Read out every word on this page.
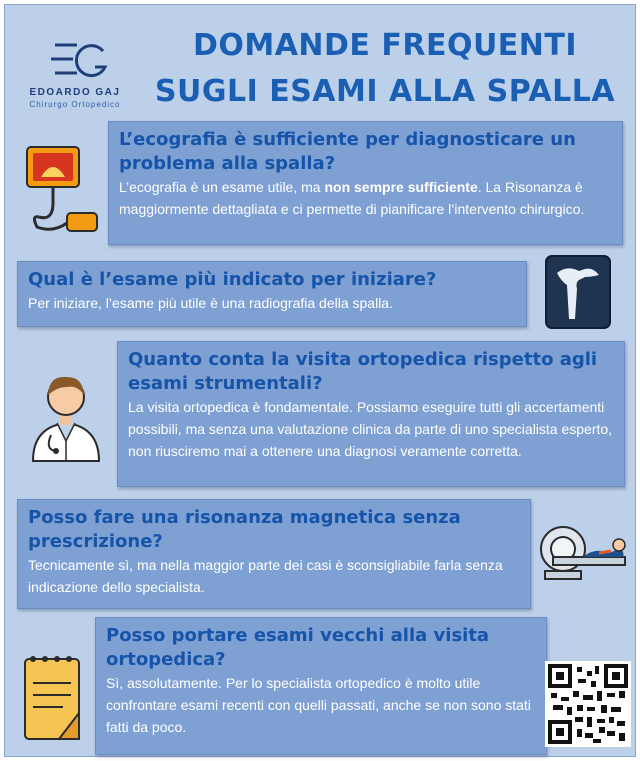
EDOARDO GAJ
Chirurgo Ortopedico
DOMANDE FREQUENTI
SUGLI ESAMI ALLA SPALLA
L’ecografia è sufficiente per diagnosticare un problema alla spalla?
L’ecografia è un esame utile, ma non sempre sufficiente. La Risonanza è maggiormente dettagliata e ci permette di pianificare l’intervento chirurgico.
Qual è l’esame più indicato per iniziare?
Per iniziare, l’esame più utile è una radiografia della spalla.
Quanto conta la visita ortopedica rispetto agli esami strumentali?
La visita ortopedica è fondamentale. Possiamo eseguire tutti gli accertamenti possibili, ma senza una valutazione clinica da parte di uno specialista esperto, non riusciremo mai a ottenere una diagnosi veramente corretta.
Posso fare una risonanza magnetica senza prescrizione?
Tecnicamente sì, ma nella maggior parte dei casi è sconsigliabile farla senza indicazione dello specialista.
Posso portare esami vecchi alla visita ortopedica?
Sì, assolutamente. Per lo specialista ortopedico è molto utile confrontare esami recenti con quelli passati, anche se non sono stati fatti da poco.
